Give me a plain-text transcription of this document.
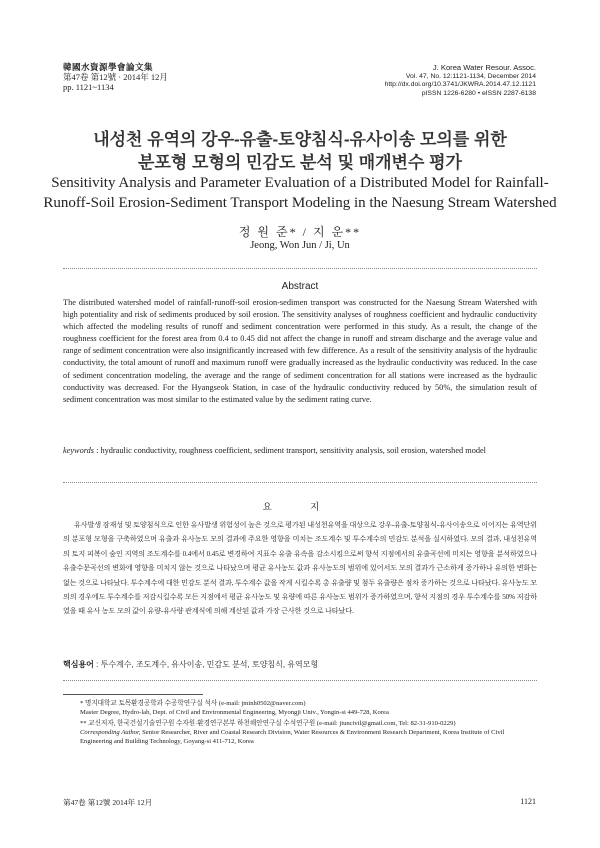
韓國水資源學會論文集
第47卷 第12號 · 2014年 12月
pp. 1121~1134
J. Korea Water Resour. Assoc.
Vol. 47, No. 12:1121-1134, December 2014
http://dx.doi.org/10.3741/JKWRA.2014.47.12.1121
pISSN 1226-6280 • eISSN 2287-6138
내성천 유역의 강우-유출-토양침식-유사이송 모의를 위한
분포형 모형의 민감도 분석 및 매개변수 평가
Sensitivity Analysis and Parameter Evaluation of a Distributed Model for Rainfall-
Runoff-Soil Erosion-Sediment Transport Modeling in the Naesung Stream Watershed
정 원 준* / 지 운**
Jeong, Won Jun / Ji, Un
Abstract
The distributed watershed model of rainfall-runoff-soil erosion-sedimen transport was constructed for the Naesung Stream Watershed with high potentiality and risk of sediments produced by soil erosion. The sensitivity analyses of roughness coefficient and hydraulic conductivity which affected the modeling results of runoff and sediment concentration were performed in this study. As a result, the change of the roughness coefficient for the forest area from 0.4 to 0.45 did not affect the change in runoff and stream discharge and the average value and range of sediment concentration were also insignificantly increased with few difference. As a result of the sensitivity analysis of the hydraulic conductivity, the total amount of runoff and maximum runoff were gradually increased as the hydraulic conductivity was reduced. In the case of sediment concentration modeling, the average and the range of sediment concentration for all stations were increased as the hydraulic conductivity was decreased. For the Hyangseok Station, in case of the hydraulic conductivity reduced by 50%, the simulation result of sediment concentration was most similar to the estimated value by the sediment rating curve.
keywords : hydraulic conductivity, roughness coefficient, sediment transport, sensitivity analysis, soil erosion, watershed model
요 지
유사발생 잠재성 및 토양침식으로 인한 유사발생 위험성이 높은 것으로 평가된 내성천유역을 대상으로 강우-유출-토양침식-유사이송으로 이어지는 유역단위의 분포형 모형을 구축하였으며 유출과 유사농도 모의 결과에 주요한 영향을 미치는 조도계수 및 투수계수의 민감도 분석을 실시하였다. 모의 결과, 내성천유역의 토지 피복이 숲인 지역의 조도계수를 0.4에서 0.45로 변경하여 지표수 유출 유속을 감소시킴으로써 향석 지점에서의 유출곡선에 미치는 영향을 분석하였으나 유출수문곡선의 변화에 영향을 미치지 않는 것으로 나타났으며 평균 유사농도 값과 유사농도의 범위에 있어서도 모의 결과가 근소하게 증가하나 유의한 변화는 없는 것으로 나타났다. 투수계수에 대한 민감도 분석 결과, 투수계수 값을 작게 시킬수록 총 유출량 및 첨두 유출량은 점차 증가하는 것으로 나타났다. 유사농도 모의의 경우에도 투수계수를 저감시킬수록 모든 지점에서 평균 유사농도 및 유량에 따른 유사농도 범위가 증가하였으며, 향석 지점의 경우 투수계수를 50% 저감하였을 때 유사 농도 모의 값이 유량-유사량 관계식에 의해 계산된 값과 가장 근사한 것으로 나타났다.
핵심용어 : 투수계수, 조도계수, 유사이송, 민감도 분석, 토양침식, 유역모형
* 명지대학교 토목환경공학과 수공학연구실 석사 (e-mail: jminh0502@naver.com)
Master Degree, Hydro-lab, Dept. of Civil and Environmental Engineering, Myongji Univ., Yongin-si 449-728, Korea
** 교신저자, 한국건설기술연구원 수자원·환경연구본부 하천해안연구실 수석연구원 (e-mail: jiuncivil@gmail.com, Tel: 82-31-910-0229)
Corresponding Author, Senior Researcher, River and Coastal Research Division, Water Resources & Environment Research Department, Korea Institute of Civil Engineering and Building Technology, Goyang-si 411-712, Korea
第47卷 第12號 2014年 12月	1121
